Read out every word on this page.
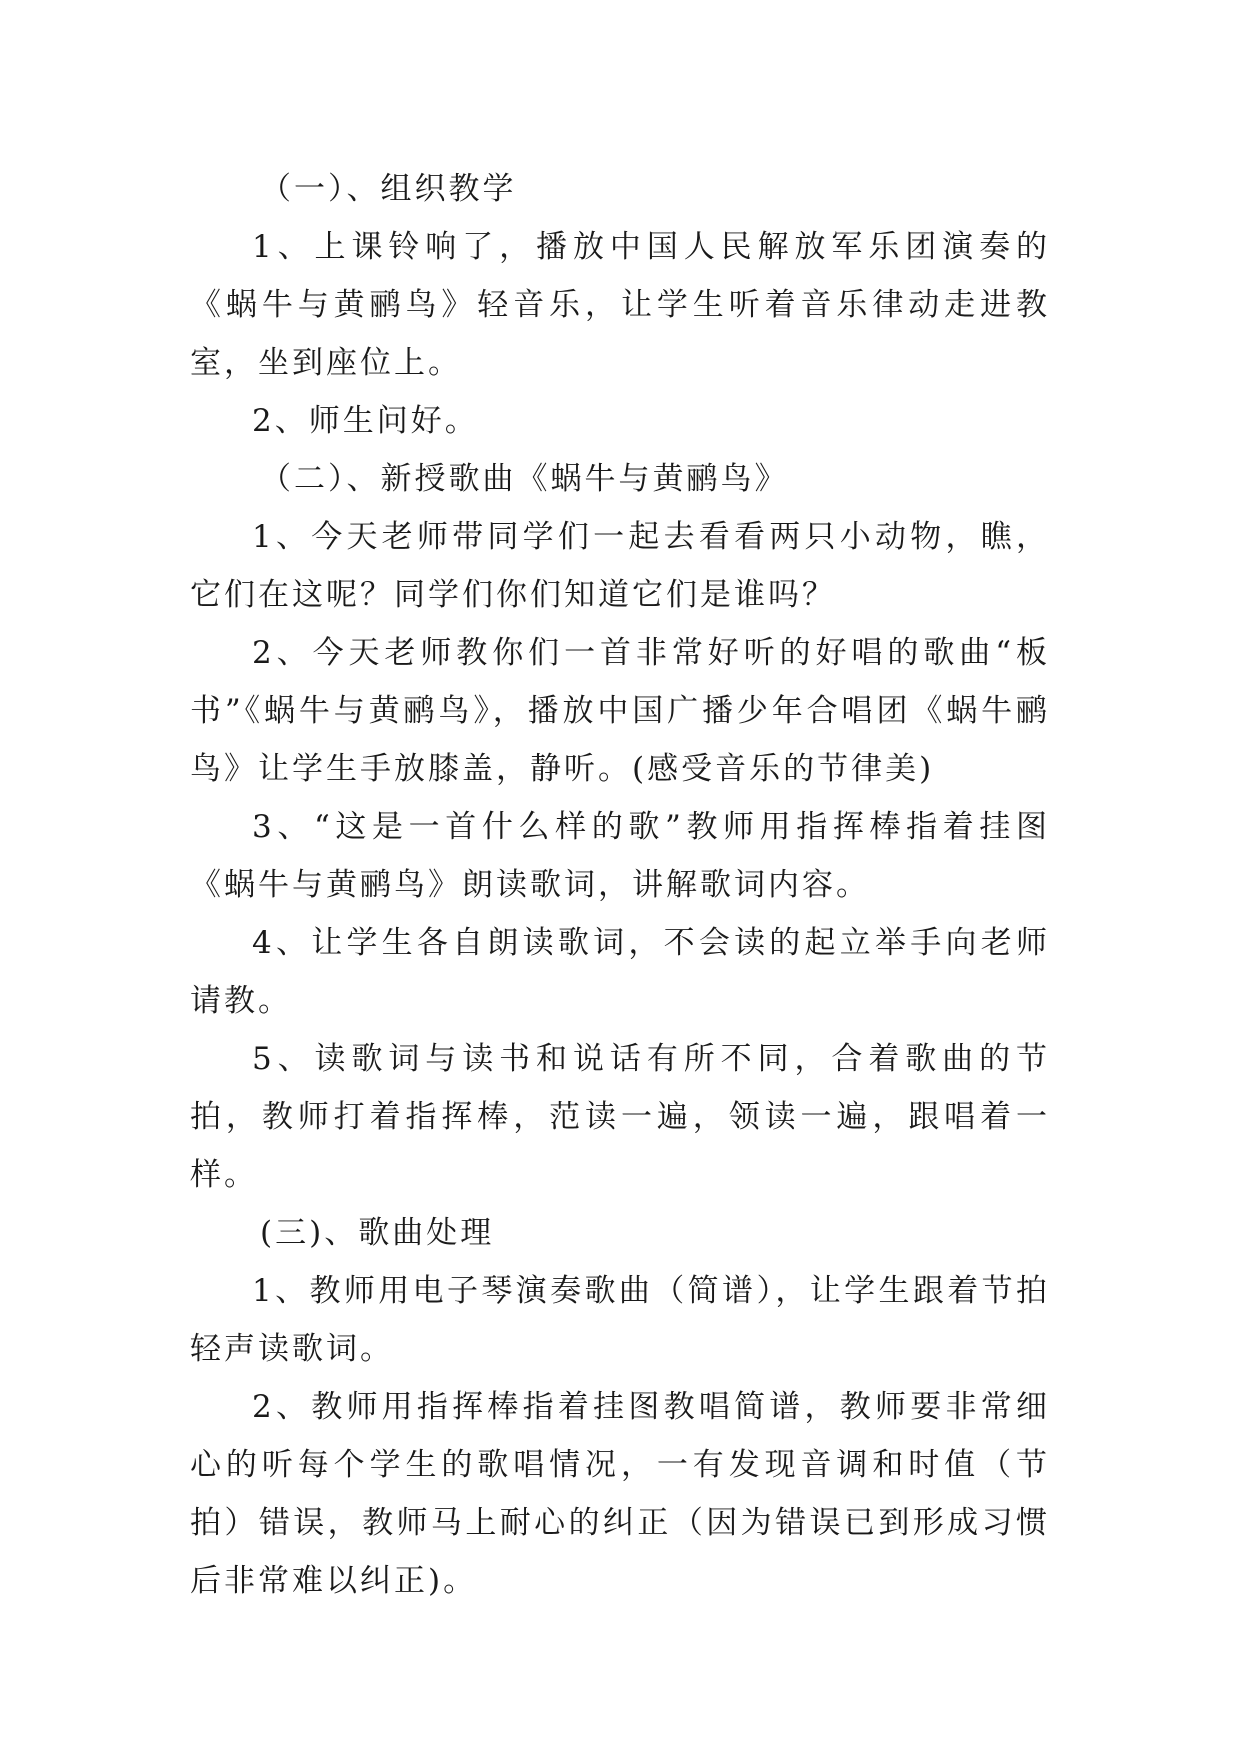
（一）、组织教学

1、上课铃响了，播放中国人民解放军乐团演奏的《蜗牛与黄鹂鸟》轻音乐，让学生听着音乐律动走进教室，坐到座位上。

2、师生问好。

（二）、新授歌曲《蜗牛与黄鹂鸟》

1、今天老师带同学们一起去看看两只小动物，瞧，它们在这呢？同学们你们知道它们是谁吗？

2、今天老师教你们一首非常好听的好唱的歌曲“板书”《蜗牛与黄鹂鸟》，播放中国广播少年合唱团《蜗牛鹂鸟》让学生手放膝盖，静听。(感受音乐的节律美)

3、“这是一首什么样的歌”教师用指挥棒指着挂图《蜗牛与黄鹂鸟》朗读歌词，讲解歌词内容。

4、让学生各自朗读歌词，不会读的起立举手向老师请教。

5、读歌词与读书和说话有所不同，合着歌曲的节拍，教师打着指挥棒，范读一遍，领读一遍，跟唱着一样。

(三)、歌曲处理

1、教师用电子琴演奏歌曲（简谱），让学生跟着节拍轻声读歌词。

2、教师用指挥棒指着挂图教唱简谱，教师要非常细心的听每个学生的歌唱情况，一有发现音调和时值（节拍）错误，教师马上耐心的纠正（因为错误已到形成习惯后非常难以纠正)。
